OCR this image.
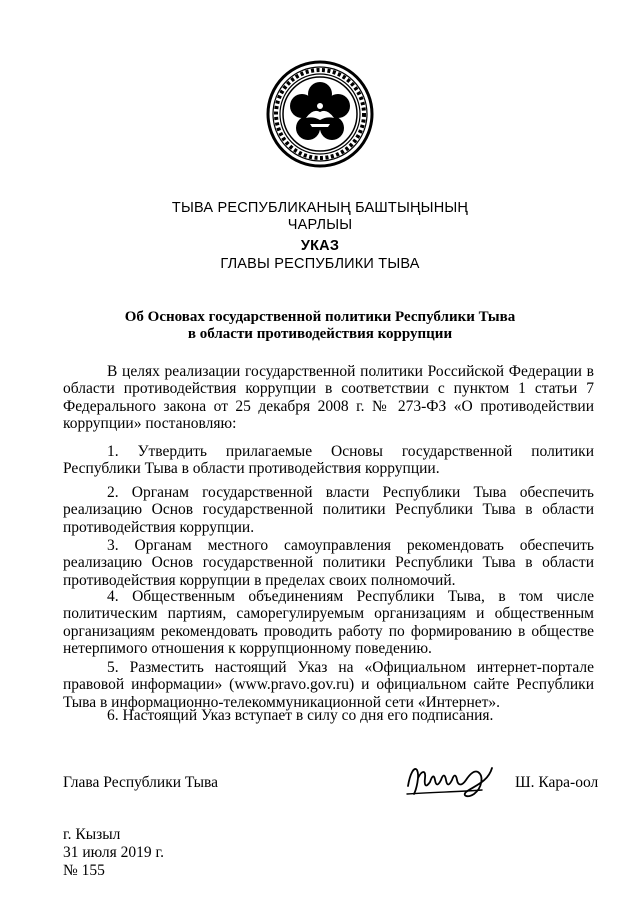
ТЫВА РЕСПУБЛИКАНЫҢ БАШТЫҢЫНЫҢ
ЧАРЛЫЫ
УКАЗ
ГЛАВЫ РЕСПУБЛИКИ ТЫВА
Об Основах государственной политики Республики Тыва
в области противодействия коррупции

В целях реализации государственной политики Российской Федерации в области противодействия коррупции в соответствии с пунктом 1 статьи 7 Федерального закона от 25 декабря 2008 г. № 273-ФЗ «О противодействии коррупции» постановляю:

1. Утвердить прилагаемые Основы государственной политики Республики Тыва в области противодействия коррупции.

2. Органам государственной власти Республики Тыва обеспечить реализацию Основ государственной политики Республики Тыва в области противодействия коррупции.

3. Органам местного самоуправления рекомендовать обеспечить реализацию Основ государственной политики Республики Тыва в области противодействия коррупции в пределах своих полномочий.

4. Общественным объединениям Республики Тыва, в том числе политическим партиям, саморегулируемым организациям и общественным организациям рекомендовать проводить работу по формированию в обществе нетерпимого отношения к коррупционному поведению.

5. Разместить настоящий Указ на «Официальном интернет-портале правовой информации» (www.pravo.gov.ru) и официальном сайте Республики Тыва в информационно-телекоммуникационной сети «Интернет».

6. Настоящий Указ вступает в силу со дня его подписания.

Глава Республики Тыва	Ш. Кара-оол
г. Кызыл
31 июля 2019 г.
№ 155
